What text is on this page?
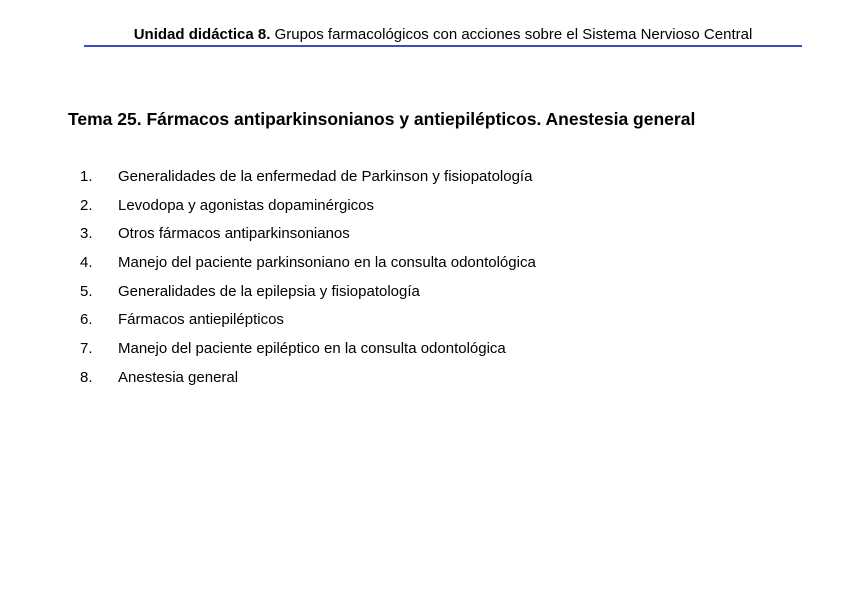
Unidad didáctica 8. Grupos farmacológicos con acciones sobre el Sistema Nervioso Central
Tema 25. Fármacos antiparkinsonianos y antiepilépticos. Anestesia general
1. Generalidades de la enfermedad de Parkinson y fisiopatología
2. Levodopa y agonistas dopaminérgicos
3. Otros fármacos antiparkinsonianos
4. Manejo del paciente parkinsoniano en la consulta odontológica
5. Generalidades de la epilepsia y fisiopatología
6. Fármacos antiepilépticos
7. Manejo del paciente epiléptico en la consulta odontológica
8. Anestesia general
